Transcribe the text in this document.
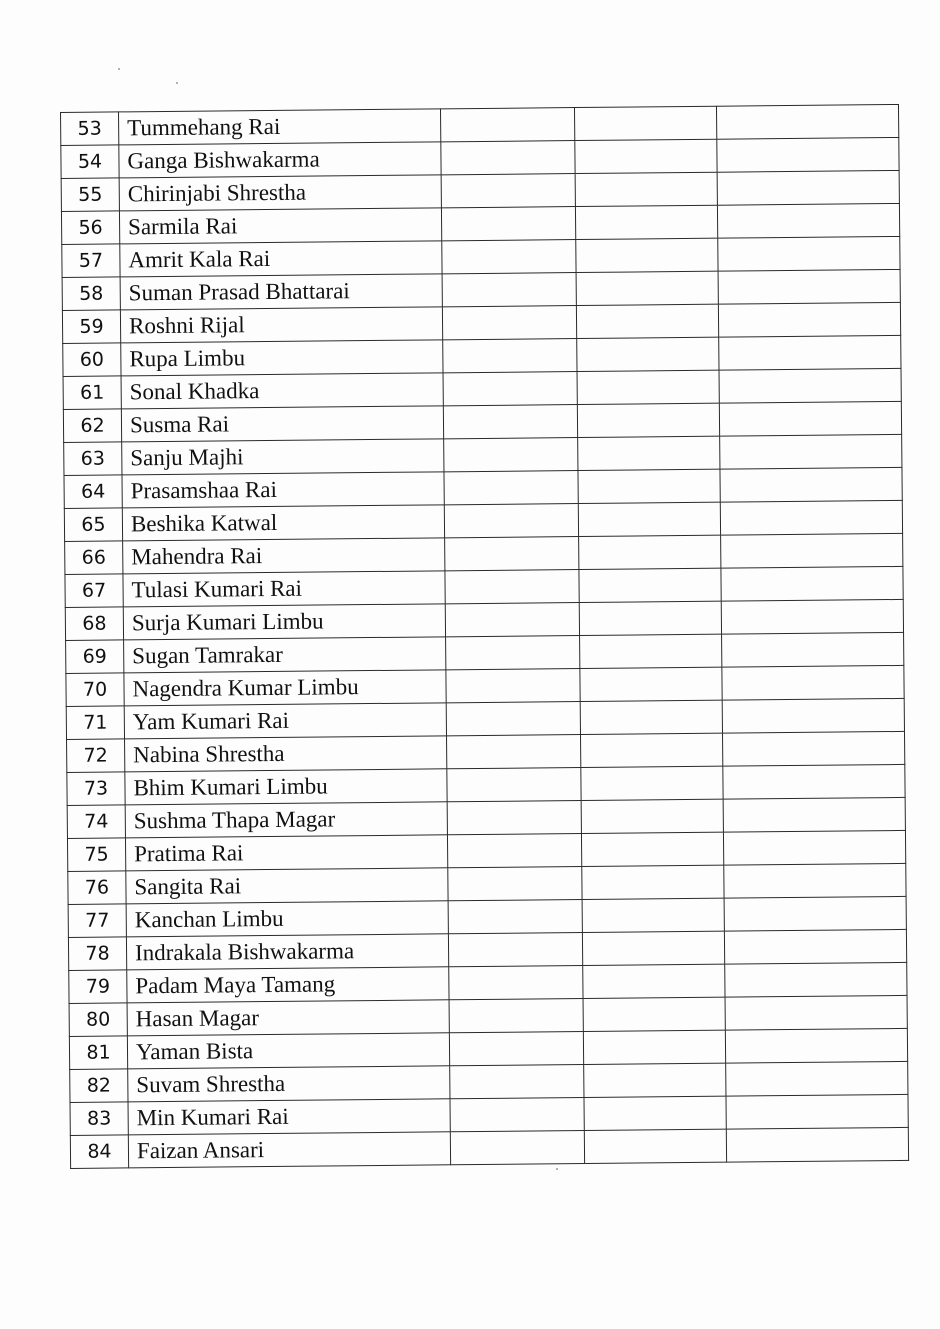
53	Tummehang Rai			
54	Ganga Bishwakarma			
55	Chirinjabi Shrestha			
56	Sarmila Rai			
57	Amrit Kala Rai			
58	Suman Prasad Bhattarai			
59	Roshni Rijal			
60	Rupa Limbu			
61	Sonal Khadka			
62	Susma Rai			
63	Sanju Majhi			
64	Prasamshaa Rai			
65	Beshika Katwal			
66	Mahendra Rai			
67	Tulasi Kumari Rai			
68	Surja Kumari Limbu			
69	Sugan Tamrakar			
70	Nagendra Kumar Limbu			
71	Yam Kumari Rai			
72	Nabina Shrestha			
73	Bhim Kumari Limbu			
74	Sushma Thapa Magar			
75	Pratima Rai			
76	Sangita Rai			
77	Kanchan Limbu			
78	Indrakala Bishwakarma			
79	Padam Maya Tamang			
80	Hasan Magar			
81	Yaman Bista			
82	Suvam Shrestha			
83	Min Kumari Rai			
84	Faizan Ansari			
